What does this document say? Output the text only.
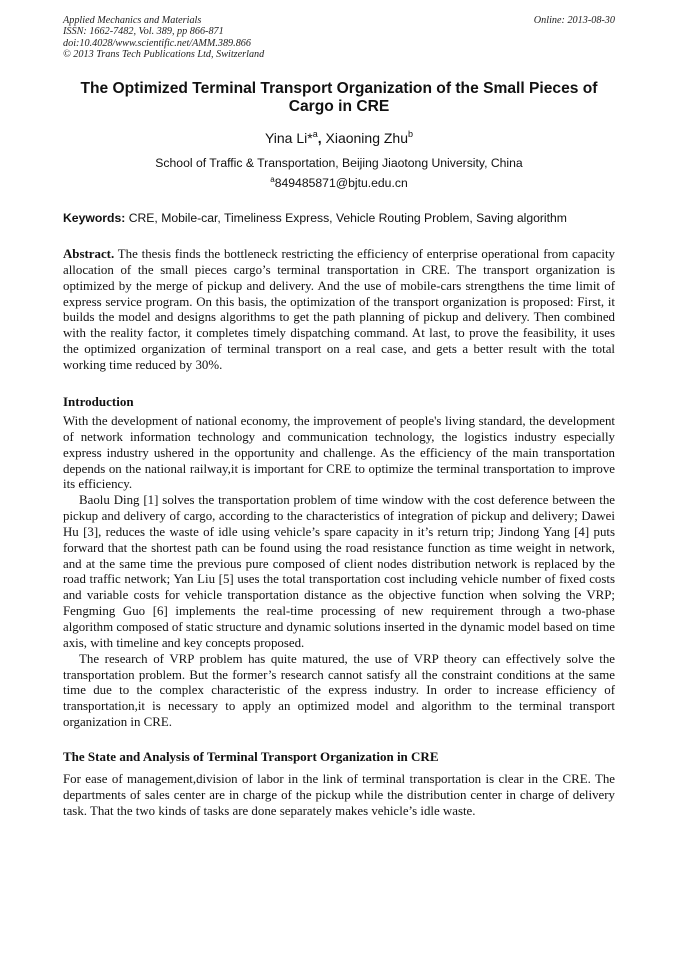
Applied Mechanics and Materials
ISSN: 1662-7482, Vol. 389, pp 866-871
doi:10.4028/www.scientific.net/AMM.389.866
© 2013 Trans Tech Publications Ltd, Switzerland
Online: 2013-08-30
The Optimized Terminal Transport Organization of the Small Pieces of Cargo in CRE
Yina Li*$^a$, Xiaoning Zhu$^b$
School of Traffic & Transportation, Beijing Jiaotong University, China
$^a$849485871@bjtu.edu.cn
Keywords: CRE, Mobile-car, Timeliness Express, Vehicle Routing Problem, Saving algorithm
Abstract. The thesis finds the bottleneck restricting the efficiency of enterprise operational from capacity allocation of the small pieces cargo’s terminal transportation in CRE. The transport organization is optimized by the merge of pickup and delivery. And the use of mobile-cars strengthens the time limit of express service program. On this basis, the optimization of the transport organization is proposed: First, it builds the model and designs algorithms to get the path planning of pickup and delivery. Then combined with the reality factor, it completes timely dispatching command. At last, to prove the feasibility, it uses the optimized organization of terminal transport on a real case, and gets a better result with the total working time reduced by 30%.
Introduction

With the development of national economy, the improvement of people's living standard, the development of network information technology and communication technology, the logistics industry especially express industry ushered in the opportunity and challenge. As the efficiency of the main transportation depends on the national railway,it is important for CRE to optimize the terminal transportation to improve its efficiency.

Baolu Ding [1] solves the transportation problem of time window with the cost deference between the pickup and delivery of cargo, according to the characteristics of integration of pickup and delivery; Dawei Hu [3], reduces the waste of idle using vehicle’s spare capacity in it’s return trip; Jindong Yang [4] puts forward that the shortest path can be found using the road resistance function as time weight in network, and at the same time the previous pure composed of client nodes distribution network is replaced by the road traffic network; Yan Liu [5] uses the total transportation cost including vehicle number of fixed costs and variable costs for vehicle transportation distance as the objective function when solving the VRP; Fengming Guo [6] implements the real-time processing of new requirement through a two-phase algorithm composed of static structure and dynamic solutions inserted in the dynamic model based on time axis, with timeline and key concepts proposed.

The research of VRP problem has quite matured, the use of VRP theory can effectively solve the transportation problem. But the former’s research cannot satisfy all the constraint conditions at the same time due to the complex characteristic of the express industry. In order to increase efficiency of transportation,it is necessary to apply an optimized model and algorithm to the terminal transport organization in CRE.

The State and Analysis of Terminal Transport Organization in CRE

For ease of management,division of labor in the link of terminal transportation is clear in the CRE. The departments of sales center are in charge of the pickup while the distribution center in charge of delivery task. That the two kinds of tasks are done separately makes vehicle’s idle waste.
